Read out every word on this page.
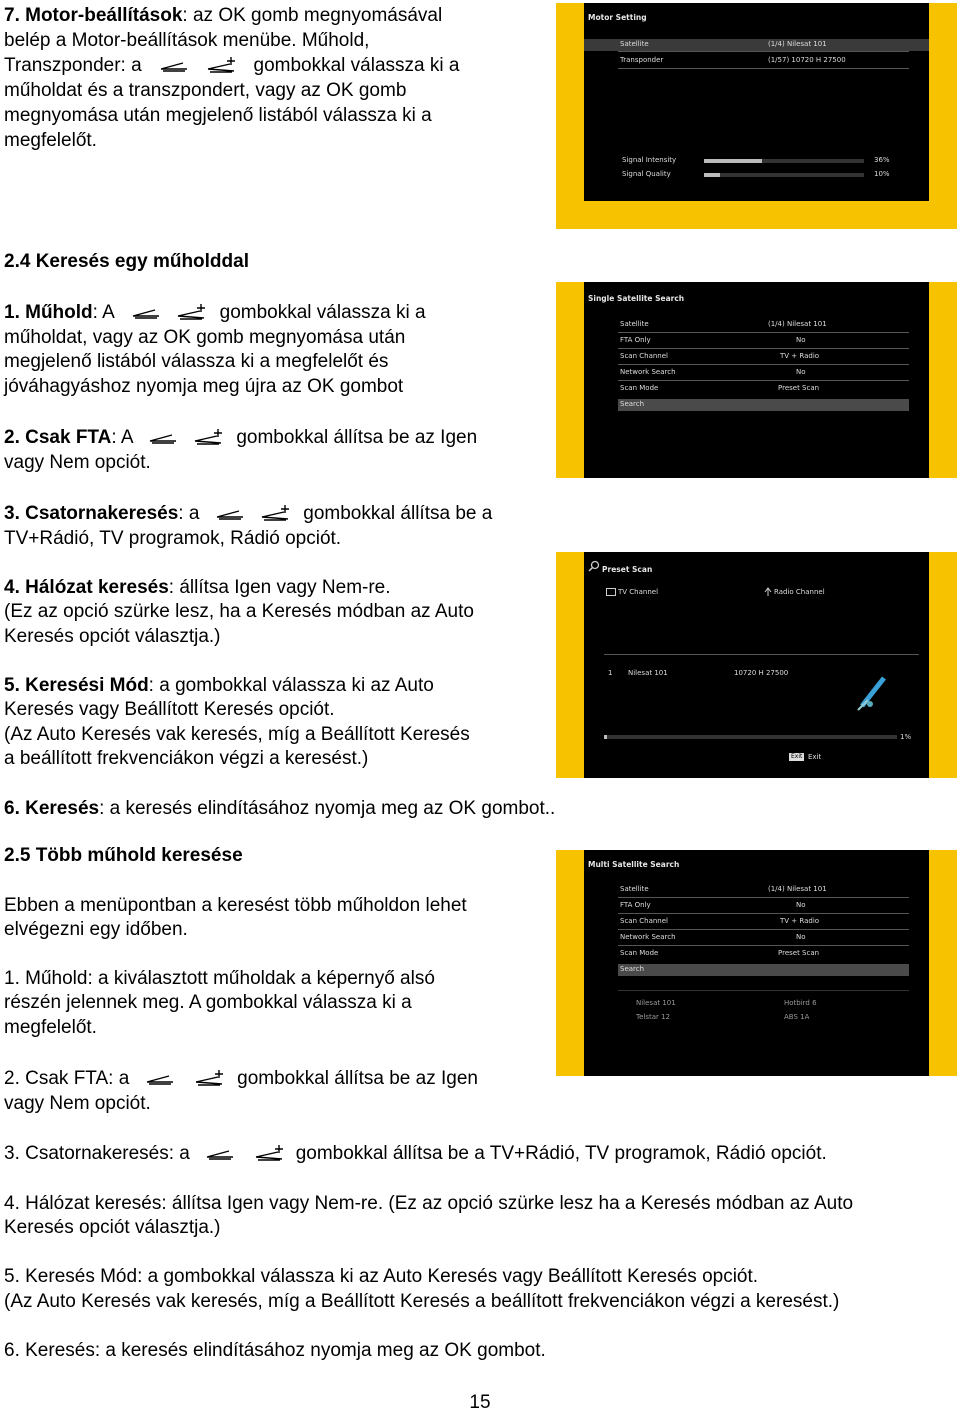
7. Motor-beállítások: az OK gomb megnyomásával
belép a Motor-beállítások menübe. Műhold,
Transzponder: a	gombokkal válassza ki a
műholdat és a transzpondert, vagy az OK gomb
megnyomása után megjelenő listából válassza ki a
megfelelőt.
Motor Setting
Satellite	(1/4) Nilesat 101
Transponder	(1/57) 10720 H 27500
Signal Intensity	36%
Signal Quality	10%
2.4 Keresés egy műholddal
1. Műhold: A	gombokkal válassza ki a
műholdat, vagy az OK gomb megnyomása után
megjelenő listából válassza ki a megfelelőt és
jóváhagyáshoz nyomja meg újra az OK gombot
2. Csak FTA: A	gombokkal állítsa be az Igen
vagy Nem opciót.
3. Csatornakeresés: a	gombokkal állítsa be a
TV+Rádió, TV programok, Rádió opciót.
4. Hálózat keresés: állítsa Igen vagy Nem-re.
(Ez az opció szürke lesz, ha a Keresés módban az Auto
Keresés opciót választja.)
5. Keresési Mód: a gombokkal válassza ki az Auto
Keresés vagy Beállított Keresés opciót.
(Az Auto Keresés vak keresés, míg a Beállított Keresés
a beállított frekvenciákon végzi a keresést.)
6. Keresés: a keresés elindításához nyomja meg az OK gombot..
Single Satellite Search
Satellite	(1/4) Nilesat 101
FTA Only	No
Scan Channel	TV + Radio
Network Search	No
Scan Mode	Preset Scan
Search
Preset Scan
TV Channel	Radio Channel
1 Nilesat 101	10720 H 27500
1%
Exit Exit
2.5 Több műhold keresése
Ebben a menüpontban a keresést több műholdon lehet
elvégezni egy időben.
1. Műhold: a kiválasztott műholdak a képernyő alsó
részén jelennek meg. A gombokkal válassza ki a
megfelelőt.
2. Csak FTA: a	gombokkal állítsa be az Igen
vagy Nem opciót.
3. Csatornakeresés: a	gombokkal állítsa be a TV+Rádió, TV programok, Rádió opciót.
4. Hálózat keresés: állítsa Igen vagy Nem-re. (Ez az opció szürke lesz ha a Keresés módban az Auto
Keresés opciót választja.)
5. Keresés Mód: a gombokkal válassza ki az Auto Keresés vagy Beállított Keresés opciót.
(Az Auto Keresés vak keresés, míg a Beállított Keresés a beállított frekvenciákon végzi a keresést.)
6. Keresés: a keresés elindításához nyomja meg az OK gombot.
Multi Satellite Search
Satellite	(1/4) Nilesat 101
FTA Only	No
Scan Channel	TV + Radio
Network Search	No
Scan Mode	Preset Scan
Search
Nilesat 101	Hotbird 6
Telstar 12	ABS 1A
15
